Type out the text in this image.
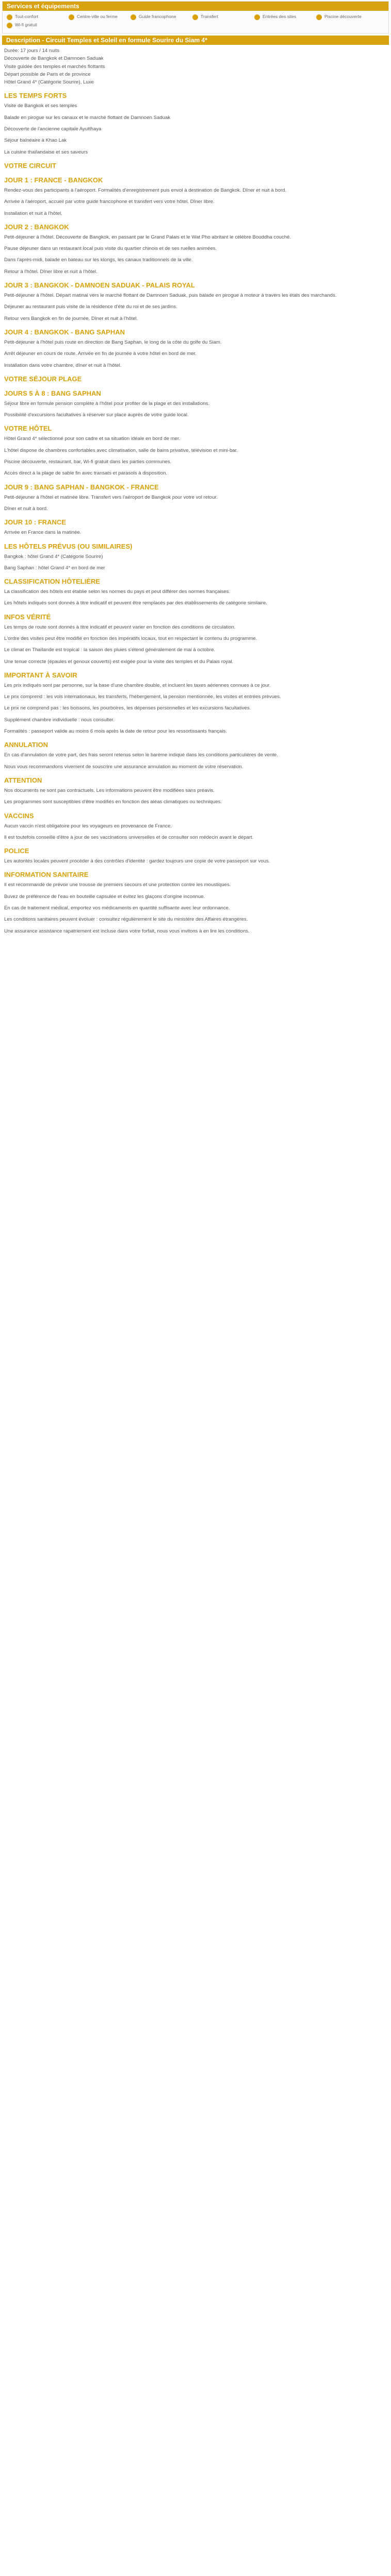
Services et équipements
Tout-confort	Centre-ville ou ferme	Guide francophone	Transfert	Entrées des sites	Piscine découverte
Wi-fi gratuit
Description - Circuit Temples et Soleil en formule Sourire du Siam 4*
Durée: 17 jours / 14 nuits
Découverte de Bangkok et Damnoen Saduak
Visite guidée des temples et marchés flottants
Départ possible de Paris et de province
Hôtel Grand 4* (Catégorie Sourire), Luxe
LES TEMPS FORTS
Visite de Bangkok et ses temples
Balade en pirogue sur les canaux et le marché flottant de Damnoen Saduak
Découverte de l'ancienne capitale Ayutthaya
Séjour balnéaire à Khao Lak
La cuisine thaïlandaise et ses saveurs
VOTRE CIRCUIT
JOUR 1 : FRANCE - BANGKOK
Rendez-vous des participants à l'aéroport. Formalités d'enregistrement puis envol à destination de Bangkok. Dîner et nuit à bord.
Arrivée à l'aéroport, accueil par votre guide francophone et transfert vers votre hôtel. Dîner libre.
Installation et nuit à l'hôtel.
JOUR 2 : BANGKOK
Petit-déjeuner à l'hôtel. Découverte de Bangkok, en passant par le Grand Palais et le Wat Pho abritant le célèbre Bouddha couché.
Pause déjeuner dans un restaurant local puis visite du quartier chinois et de ses ruelles animées.
Dans l'après-midi, balade en bateau sur les klongs, les canaux traditionnels de la ville.
Retour à l'hôtel. Dîner libre et nuit à l'hôtel.
JOUR 3 : BANGKOK - DAMNOEN SADUAK - PALAIS ROYAL
Petit-déjeuner à l'hôtel. Départ matinal vers le marché flottant de Damnoen Saduak, puis balade en pirogue à moteur à travers les étals des marchands.
Déjeuner au restaurant puis visite de la résidence d'été du roi et de ses jardins.
Retour vers Bangkok en fin de journée. Dîner et nuit à l'hôtel.
JOUR 4 : BANGKOK - BANG SAPHAN
Petit-déjeuner à l'hôtel puis route en direction de Bang Saphan, le long de la côte du golfe du Siam.
Arrêt déjeuner en cours de route. Arrivée en fin de journée à votre hôtel en bord de mer.
Installation dans votre chambre, dîner et nuit à l'hôtel.
VOTRE SÉJOUR PLAGE
JOURS 5 À 8 : BANG SAPHAN
Séjour libre en formule pension complète à l'hôtel pour profiter de la plage et des installations.
Possibilité d'excursions facultatives à réserver sur place auprès de votre guide local.
VOTRE HÔTEL
Hôtel Grand 4* sélectionné pour son cadre et sa situation idéale en bord de mer.
L'hôtel dispose de chambres confortables avec climatisation, salle de bains privative, télévision et mini-bar.
Piscine découverte, restaurant, bar, Wi-fi gratuit dans les parties communes.
Accès direct à la plage de sable fin avec transats et parasols à disposition.
JOUR 9 : BANG SAPHAN - BANGKOK - FRANCE
Petit-déjeuner à l'hôtel et matinée libre. Transfert vers l'aéroport de Bangkok pour votre vol retour.
Dîner et nuit à bord.
JOUR 10 : FRANCE
Arrivée en France dans la matinée.
LES HÔTELS PRÉVUS (OU SIMILAIRES)
Bangkok : hôtel Grand 4* (Catégorie Sourire)
Bang Saphan : hôtel Grand 4* en bord de mer
CLASSIFICATION HÔTELIÈRE
La classification des hôtels est établie selon les normes du pays et peut différer des normes françaises.
Les hôtels indiqués sont donnés à titre indicatif et peuvent être remplacés par des établissements de catégorie similaire.
INFOS VÉRITÉ
Les temps de route sont donnés à titre indicatif et peuvent varier en fonction des conditions de circulation.
L'ordre des visites peut être modifié en fonction des impératifs locaux, tout en respectant le contenu du programme.
Le climat en Thaïlande est tropical : la saison des pluies s'étend généralement de mai à octobre.
Une tenue correcte (épaules et genoux couverts) est exigée pour la visite des temples et du Palais royal.
IMPORTANT À SAVOIR
Les prix indiqués sont par personne, sur la base d'une chambre double, et incluent les taxes aériennes connues à ce jour.
Le prix comprend : les vols internationaux, les transferts, l'hébergement, la pension mentionnée, les visites et entrées prévues.
Le prix ne comprend pas : les boissons, les pourboires, les dépenses personnelles et les excursions facultatives.
Supplément chambre individuelle : nous consulter.
Formalités : passeport valide au moins 6 mois après la date de retour pour les ressortissants français.
ANNULATION
En cas d'annulation de votre part, des frais seront retenus selon le barème indiqué dans les conditions particulières de vente.
Nous vous recommandons vivement de souscrire une assurance annulation au moment de votre réservation.
ATTENTION
Nos documents ne sont pas contractuels. Les informations peuvent être modifiées sans préavis.
Les programmes sont susceptibles d'être modifiés en fonction des aléas climatiques ou techniques.
VACCINS
Aucun vaccin n'est obligatoire pour les voyageurs en provenance de France.
Il est toutefois conseillé d'être à jour de ses vaccinations universelles et de consulter son médecin avant le départ.
POLICE
Les autorités locales peuvent procéder à des contrôles d'identité : gardez toujours une copie de votre passeport sur vous.
INFORMATION SANITAIRE
Il est recommandé de prévoir une trousse de premiers secours et une protection contre les moustiques.
Buvez de préférence de l'eau en bouteille capsulée et évitez les glaçons d'origine inconnue.
En cas de traitement médical, emportez vos médicaments en quantité suffisante avec leur ordonnance.
Les conditions sanitaires peuvent évoluer : consultez régulièrement le site du ministère des Affaires étrangères.
Une assurance assistance rapatriement est incluse dans votre forfait, nous vous invitons à en lire les conditions.
